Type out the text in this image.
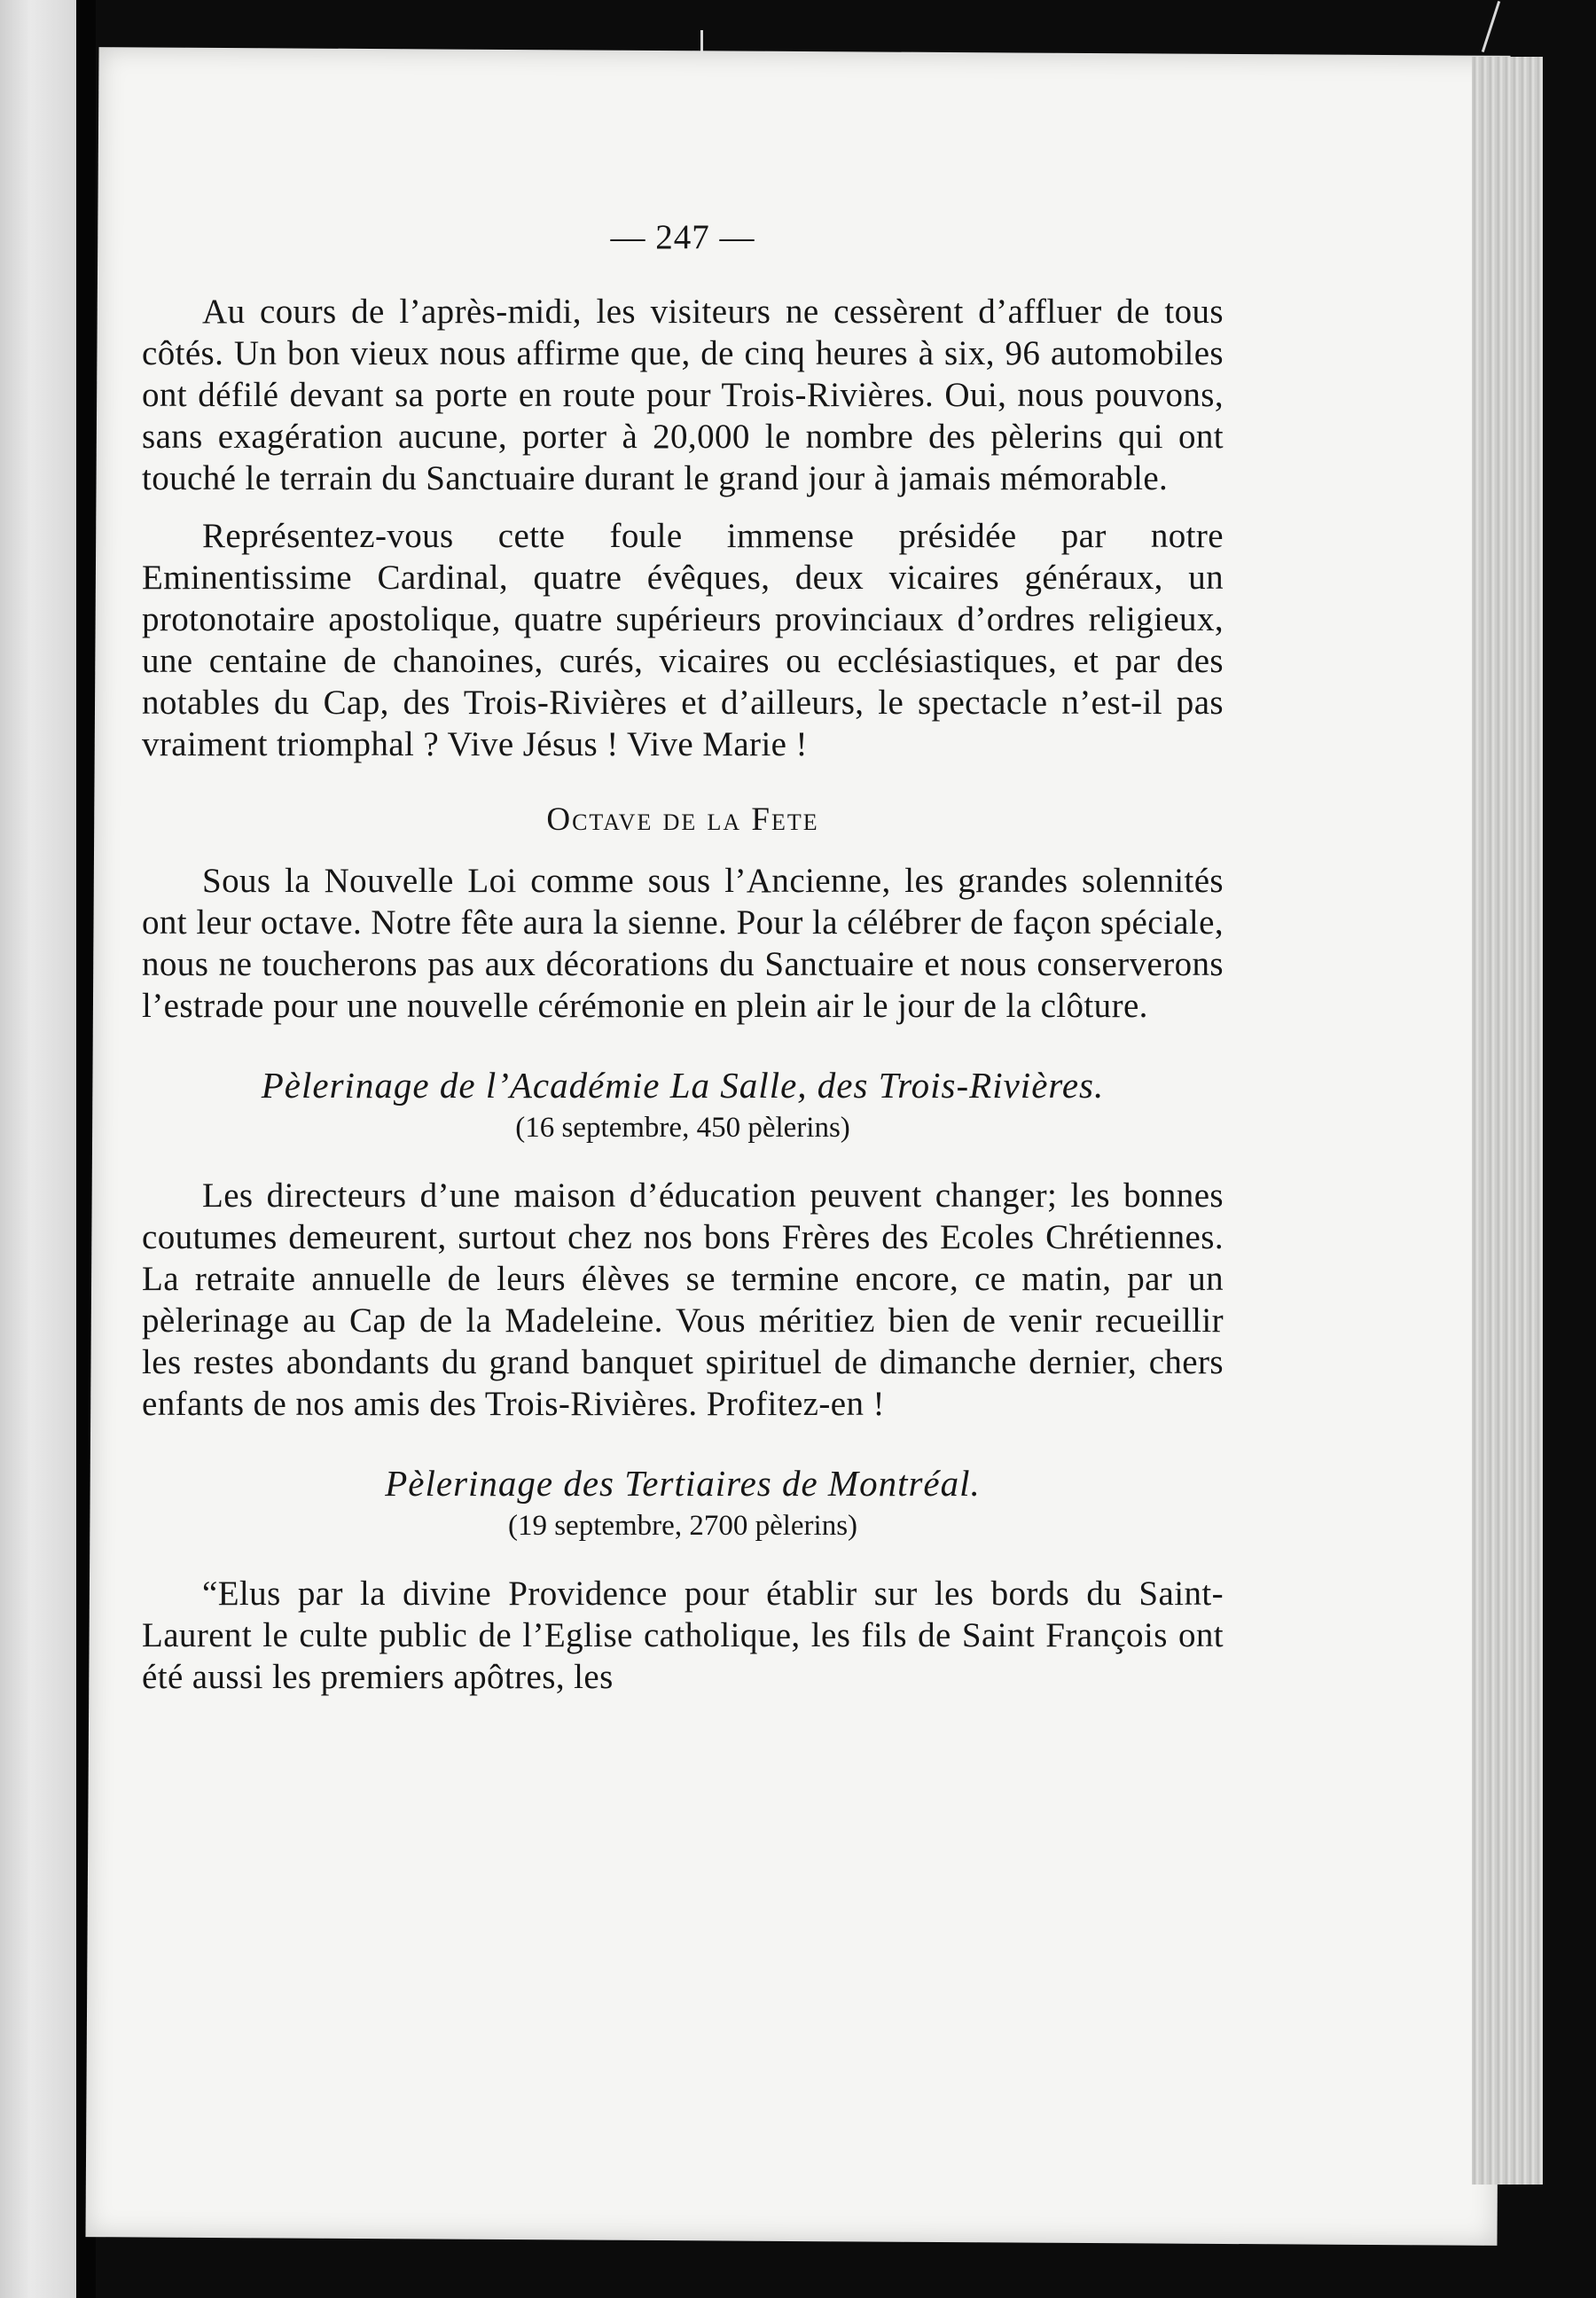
— 247 —

Au cours de l’après-midi, les visiteurs ne cessèrent d’affluer de tous côtés. Un bon vieux nous affirme que, de cinq heures à six, 96 automobiles ont défilé devant sa porte en route pour Trois-Rivières. Oui, nous pouvons, sans exagération aucune, porter à 20,000 le nombre des pèlerins qui ont touché le terrain du Sanctuaire durant le grand jour à jamais mémorable.

Représentez-vous cette foule immense présidée par notre Eminentissime Cardinal, quatre évêques, deux vicaires généraux, un protonotaire apostolique, quatre supérieurs provinciaux d’ordres religieux, une centaine de chanoines, curés, vicaires ou ecclésiastiques, et par des notables du Cap, des Trois-Rivières et d’ailleurs, le spectacle n’est-il pas vraiment triomphal ? Vive Jésus ! Vive Marie !

Octave de la Fete

Sous la Nouvelle Loi comme sous l’Ancienne, les grandes solennités ont leur octave. Notre fête aura la sienne. Pour la célébrer de façon spéciale, nous ne toucherons pas aux décorations du Sanctuaire et nous conserverons l’estrade pour une nouvelle cérémonie en plein air le jour de la clôture.

Pèlerinage de l’Académie La Salle, des Trois-Rivières.
(16 septembre, 450 pèlerins)

Les directeurs d’une maison d’éducation peuvent changer; les bonnes coutumes demeurent, surtout chez nos bons Frères des Ecoles Chrétiennes. La retraite annuelle de leurs élèves se termine encore, ce matin, par un pèlerinage au Cap de la Madeleine. Vous méritiez bien de venir recueillir les restes abondants du grand banquet spirituel de dimanche dernier, chers enfants de nos amis des Trois-Rivières. Profitez-en !

Pèlerinage des Tertiaires de Montréal.
(19 septembre, 2700 pèlerins)

“Elus par la divine Providence pour établir sur les bords du Saint-Laurent le culte public de l’Eglise catholique, les fils de Saint François ont été aussi les premiers apôtres, les
